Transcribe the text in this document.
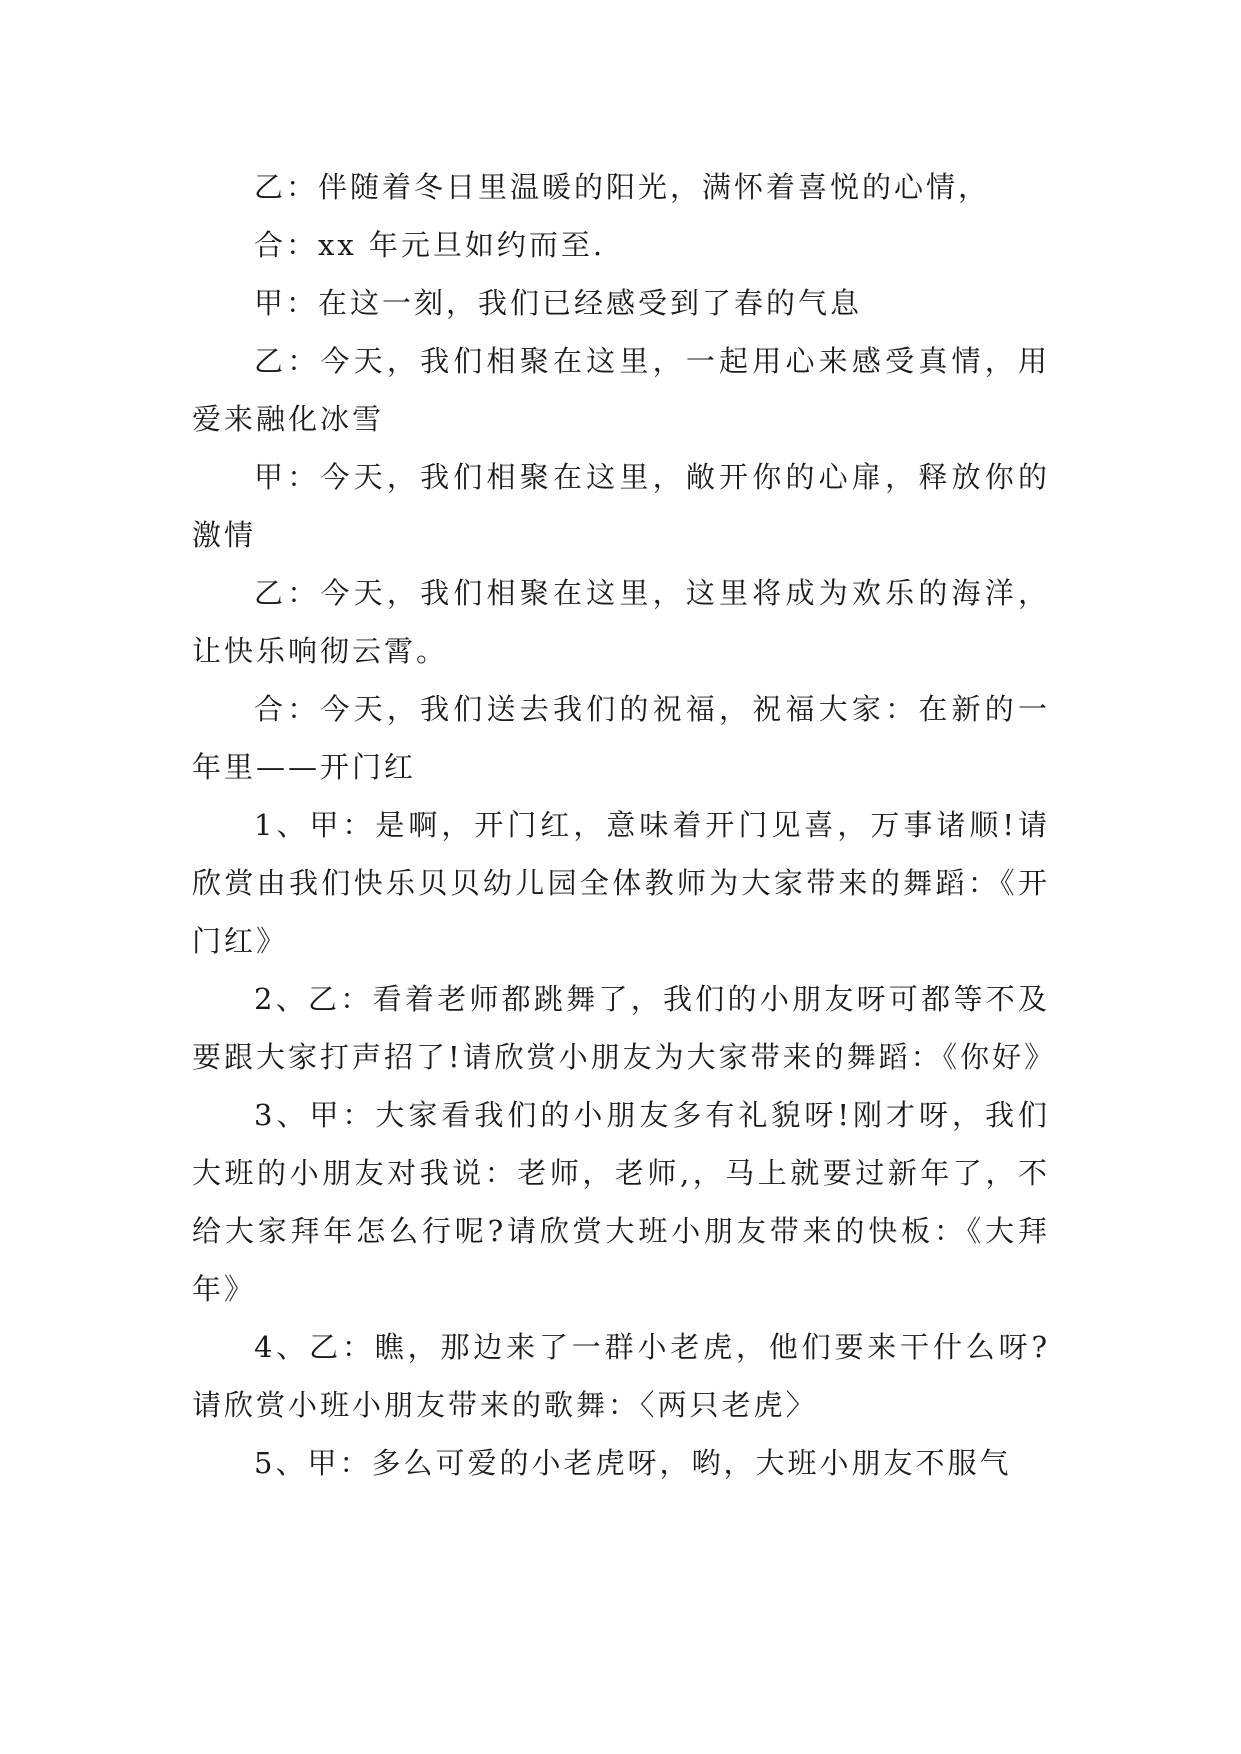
乙：伴随着冬日里温暖的阳光，满怀着喜悦的心情，

合：xx 年元旦如约而至.

甲：在这一刻，我们已经感受到了春的气息

乙：今天，我们相聚在这里，一起用心来感受真情，用爱来融化冰雪

甲：今天，我们相聚在这里，敞开你的心扉，释放你的激情

乙：今天，我们相聚在这里，这里将成为欢乐的海洋，让快乐响彻云霄。

合：今天，我们送去我们的祝福，祝福大家：在新的一年里——开门红

1、甲：是啊，开门红，意味着开门见喜，万事诸顺!请欣赏由我们快乐贝贝幼儿园全体教师为大家带来的舞蹈：《开门红》

2、乙：看着老师都跳舞了，我们的小朋友呀可都等不及要跟大家打声招了!请欣赏小朋友为大家带来的舞蹈：《你好》

3、甲：大家看我们的小朋友多有礼貌呀!刚才呀，我们大班的小朋友对我说：老师，老师,，马上就要过新年了，不给大家拜年怎么行呢?请欣赏大班小朋友带来的快板：《大拜年》

4、乙：瞧，那边来了一群小老虎，他们要来干什么呀?请欣赏小班小朋友带来的歌舞：〈两只老虎〉

5、甲：多么可爱的小老虎呀，哟，大班小朋友不服气
